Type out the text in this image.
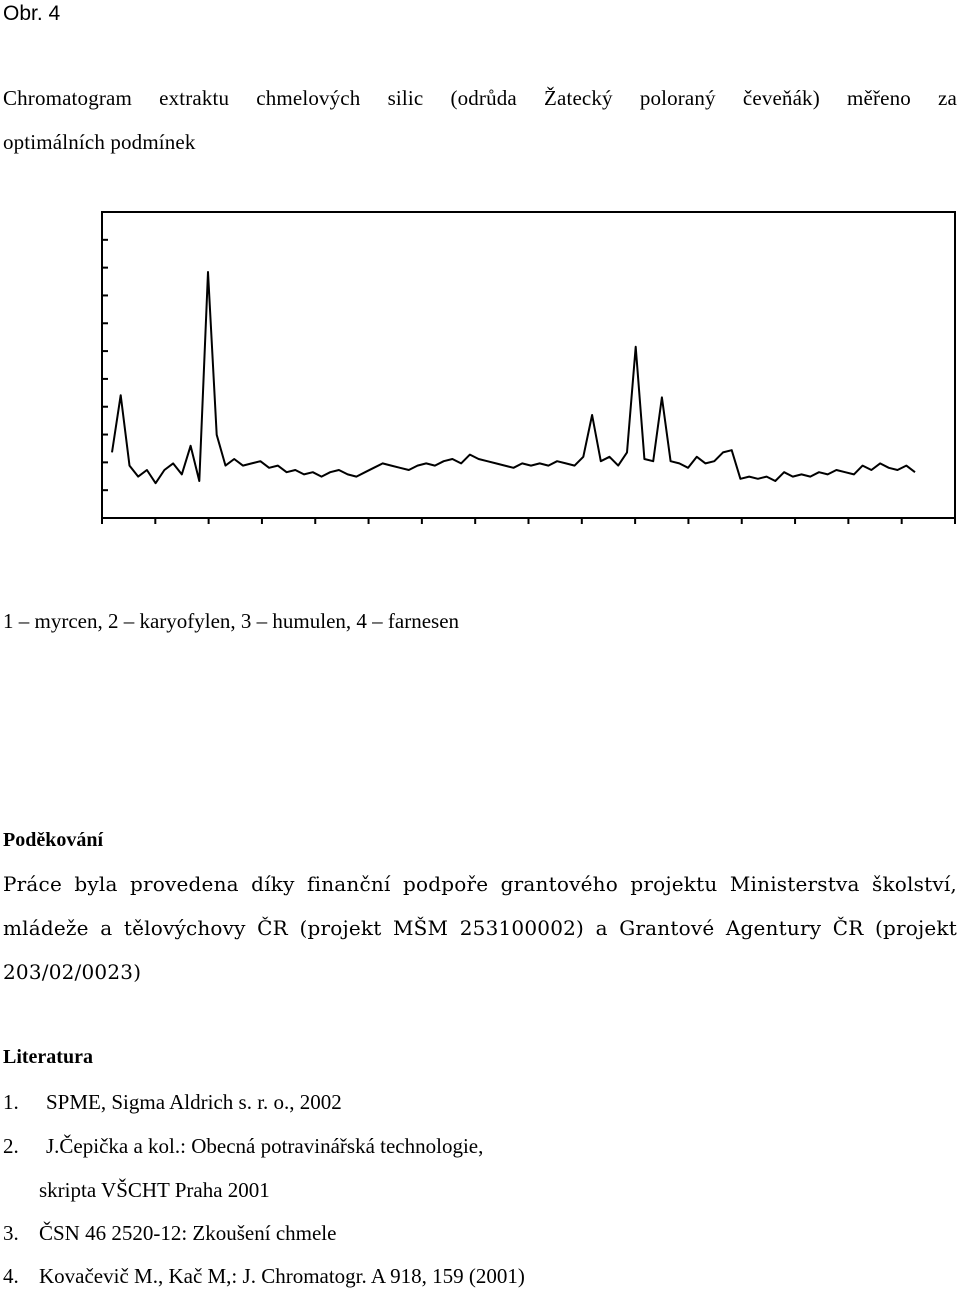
Obr. 4
Chromatogram extraktu chmelových silic (odrůda Žatecký poloraný čeveňák) měřeno za
optimálních podmínek
1 – myrcen, 2 – karyofylen, 3 – humulen, 4 – farnesen
Poděkování
Práce byla provedena díky finanční podpoře grantového projektu Ministerstva školství,
mládeže a tělovýchovy ČR (projekt MŠM 253100002) a Grantové Agentury ČR (projekt
203/02/0023)
Literatura
1. SPME, Sigma Aldrich s. r. o., 2002
2. J.Čepička a kol.: Obecná potravinářská technologie,
skripta VŠCHT Praha 2001
3. ČSN 46 2520-12: Zkoušení chmele
4. Kovačevič M., Kač M,: J. Chromatogr. A 918, 159 (2001)
